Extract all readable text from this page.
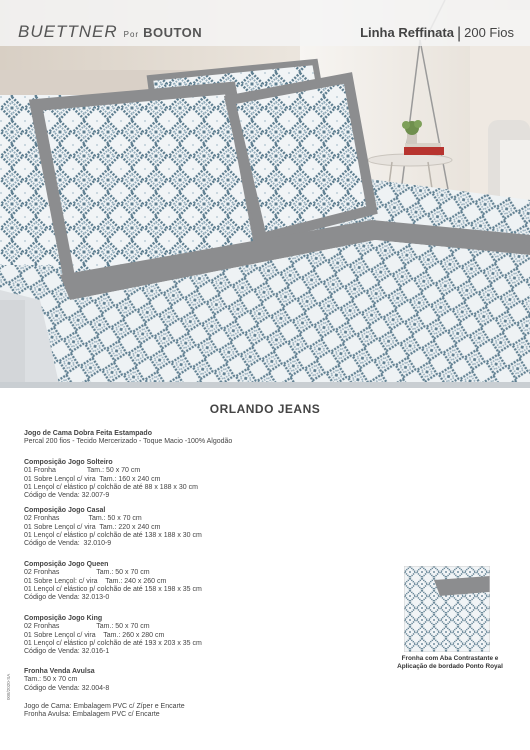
BUETTNER Por BOUTON	Linha Reffinata | 200 Fios
ORLANDO JEANS
Jogo de Cama Dobra Feita Estampado
Percal 200 fios - Tecido Mercerizado - Toque Macio -100% Algodão
Composição Jogo Solteiro
01 Fronha                Tam.: 50 x 70 cm
01 Sobre Lençol c/ vira  Tam.: 160 x 240 cm
01 Lençol c/ elástico p/ colchão de até 88 x 188 x 30 cm
Código de Venda: 32.007-9
Composição Jogo Casal
02 Fronhas               Tam.: 50 x 70 cm
01 Sobre Lençol c/ vira  Tam.: 220 x 240 cm
01 Lençol c/ elástico p/ colchão de até 138 x 188 x 30 cm
Código de Venda:  32.010-9
Composição Jogo Queen
02 Fronhas                   Tam.: 50 x 70 cm
01 Sobre Lençol: c/ vira    Tam.: 240 x 260 cm
01 Lençol c/ elástico p/ colchão de até 158 x 198 x 35 cm
Código de Venda: 32.013-0
Composição Jogo King
02 Fronhas                   Tam.: 50 x 70 cm
01 Sobre Lençol c/ vira    Tam.: 260 x 280 cm
01 Lençol c/ elástico p/ colchão de até 193 x 203 x 35 cm
Código de Venda: 32.016-1
Fronha Venda Avulsa
Tam.: 50 x 70 cm
Código de Venda: 32.004-8
Jogo de Cama: Embalagem PVC c/ Zíper e Encarte
Fronha Avulsa: Embalagem PVC c/ Encarte
Fronha com Aba Contrastante e
Aplicação de bordado Ponto Royal
008/2020-SA
